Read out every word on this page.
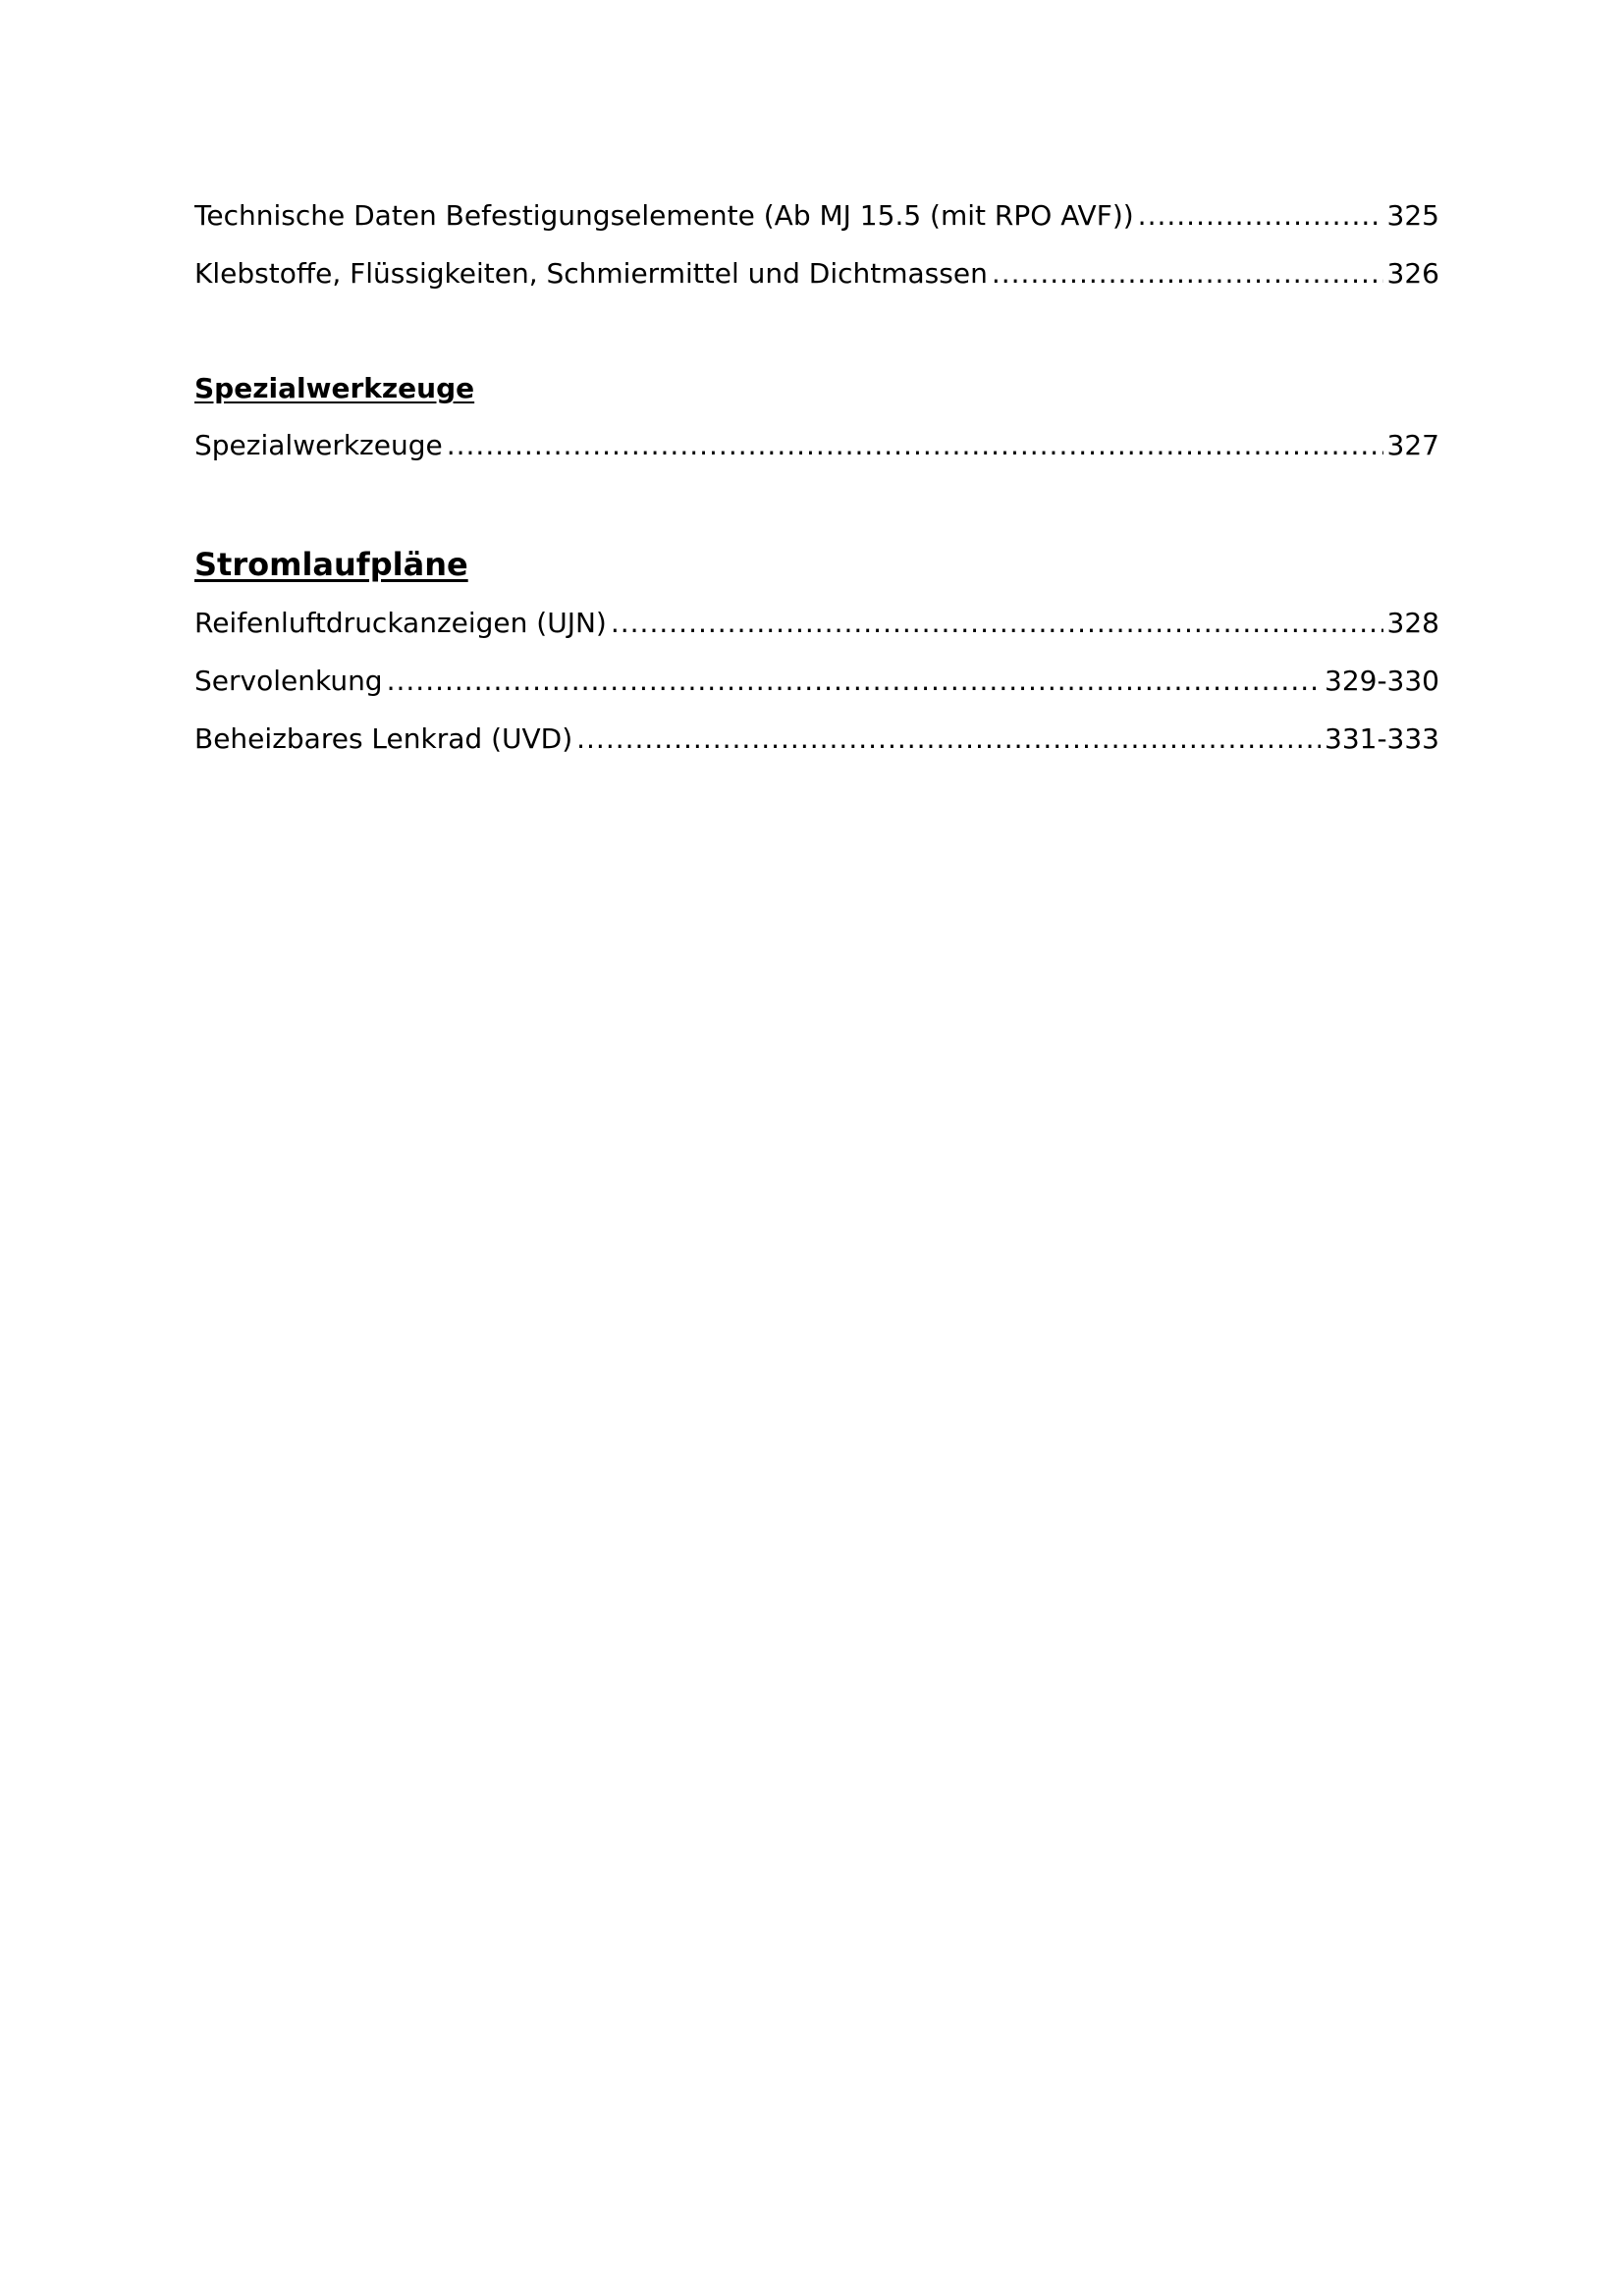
Technische Daten Befestigungselemente (Ab MJ 15.5 (mit RPO AVF)) .....	325
Klebstoffe, Flüssigkeiten, Schmiermittel und Dichtmassen .....	326
Spezialwerkzeuge
Spezialwerkzeuge .....	327
Stromlaufpläne
Reifenluftdruckanzeigen (UJN) .....	328
Servolenkung .....	329-330
Beheizbares Lenkrad (UVD) .....	331-333
